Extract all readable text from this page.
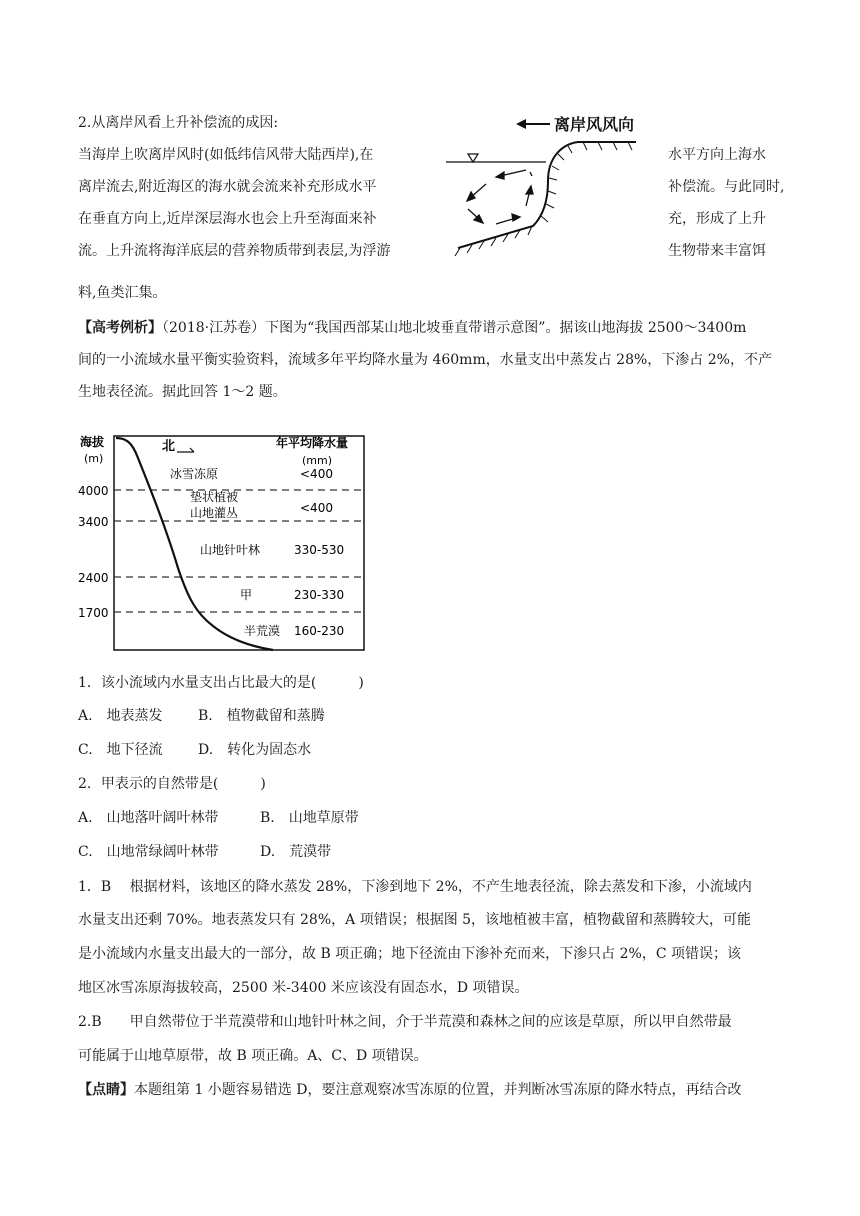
2.从离岸风看上升补偿流的成因:
当海岸上吹离岸风时(如低纬信风带大陆西岸),在
离岸流去,附近海区的海水就会流来补充形成水平
在垂直方向上,近岸深层海水也会上升至海面来补
流。上升流将海洋底层的营养物质带到表层,为浮游
水平方向上海水
补偿流。与此同时,
充，形成了上升
生物带来丰富饵
料,鱼类汇集。
离岸风风向
【高考例析】（2018·江苏卷）下图为“我国西部某山地北坡垂直带谱示意图”。据该山地海拔 2500～3400m
间的一小流域水量平衡实验资料，流域多年平均降水量为 460mm，水量支出中蒸发占 28%，下渗占 2%，不产
生地表径流。据此回答 1～2 题。
海拔
(m)
北	年平均降水量
(mm)
4000
3400
2400
1700
冰雪冻原	<400
垫状植被
山地灌丛	<400
山地针叶林	330-530
甲	230-330
半荒漠 160-230
1．该小流域内水量支出占比最大的是(　　　)
A.　地表蒸发	B.　植物截留和蒸腾
C.　地下径流	D.　转化为固态水
2．甲表示的自然带是(　　　)
A.　山地落叶阔叶林带	B.　山地草原带
C.　山地常绿阔叶林带	D.　荒漠带
1．B　 根据材料，该地区的降水蒸发 28%，下渗到地下 2%，不产生地表径流，除去蒸发和下渗，小流域内
水量支出还剩 70%。地表蒸发只有 28%，A 项错误；根据图 5，该地植被丰富，植物截留和蒸腾较大，可能
是小流域内水量支出最大的一部分，故 B 项正确；地下径流由下渗补充而来，下渗只占 2%，C 项错误；该
地区冰雪冻原海拔较高，2500 米-3400 米应该没有固态水，D 项错误。
2.B　　甲自然带位于半荒漠带和山地针叶林之间，介于半荒漠和森林之间的应该是草原，所以甲自然带最
可能属于山地草原带，故 B 项正确。A、C、D 项错误。
【点睛】本题组第 1 小题容易错选 D，要注意观察冰雪冻原的位置，并判断冰雪冻原的降水特点，再结合改
